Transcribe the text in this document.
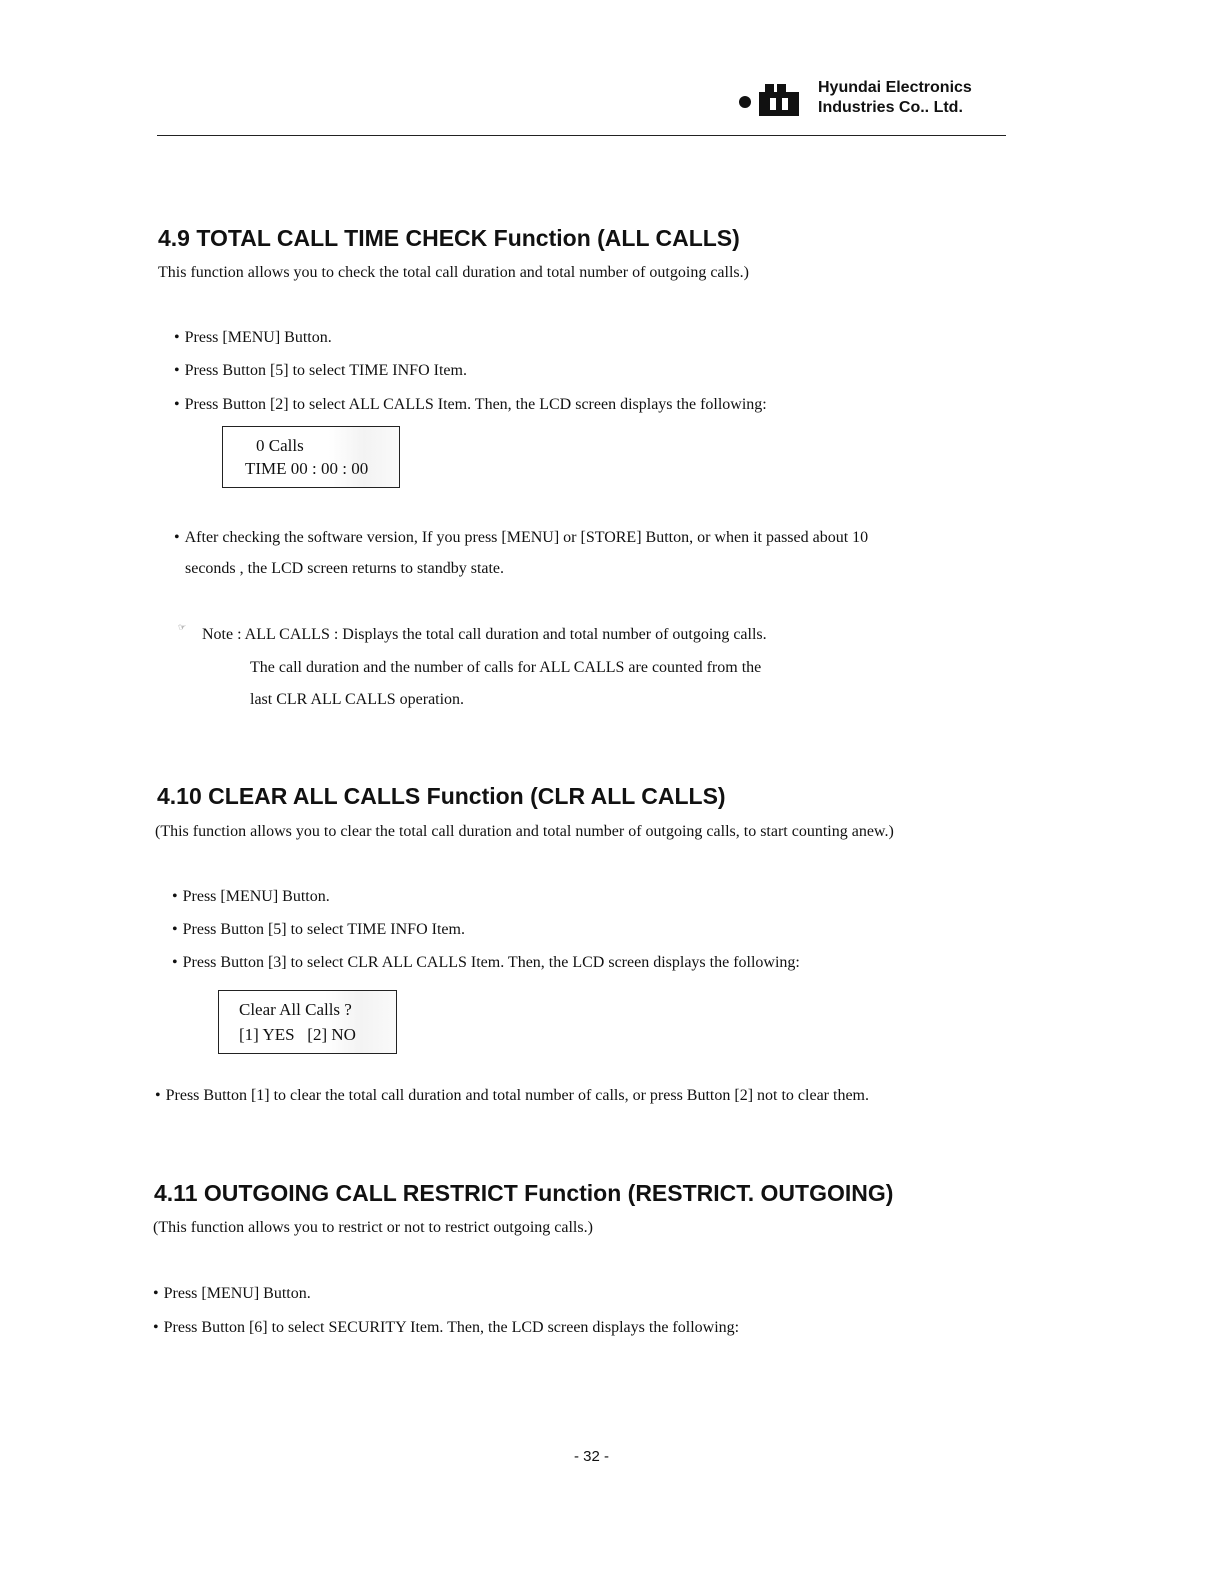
Hyundai Electronics
Industries Co.. Ltd.
4.9 TOTAL CALL TIME CHECK Function (ALL CALLS)
This function allows you to check the total call duration and total number of outgoing calls.)
• Press [MENU] Button.
• Press Button [5] to select TIME INFO Item.
• Press Button [2] to select ALL CALLS Item. Then, the LCD screen displays the following:
0 Calls
TIME 00 : 00 : 00
• After checking the software version, If you press [MENU] or [STORE] Button, or when it passed about 10
seconds , the LCD screen returns to standby state.
☞ Note : ALL CALLS : Displays the total call duration and total number of outgoing calls.
The call duration and the number of calls for ALL CALLS are counted from the
last CLR ALL CALLS operation.
4.10 CLEAR ALL CALLS Function (CLR ALL CALLS)
(This function allows you to clear the total call duration and total number of outgoing calls, to start counting anew.)
• Press [MENU] Button.
• Press Button [5] to select TIME INFO Item.
• Press Button [3] to select CLR ALL CALLS Item. Then, the LCD screen displays the following:
Clear All Calls ?
[1] YES   [2] NO
• Press Button [1] to clear the total call duration and total number of calls, or press Button [2] not to clear them.
4.11 OUTGOING CALL RESTRICT Function (RESTRICT. OUTGOING)
(This function allows you to restrict or not to restrict outgoing calls.)
• Press [MENU] Button.
• Press Button [6] to select SECURITY Item. Then, the LCD screen displays the following:
- 32 -
